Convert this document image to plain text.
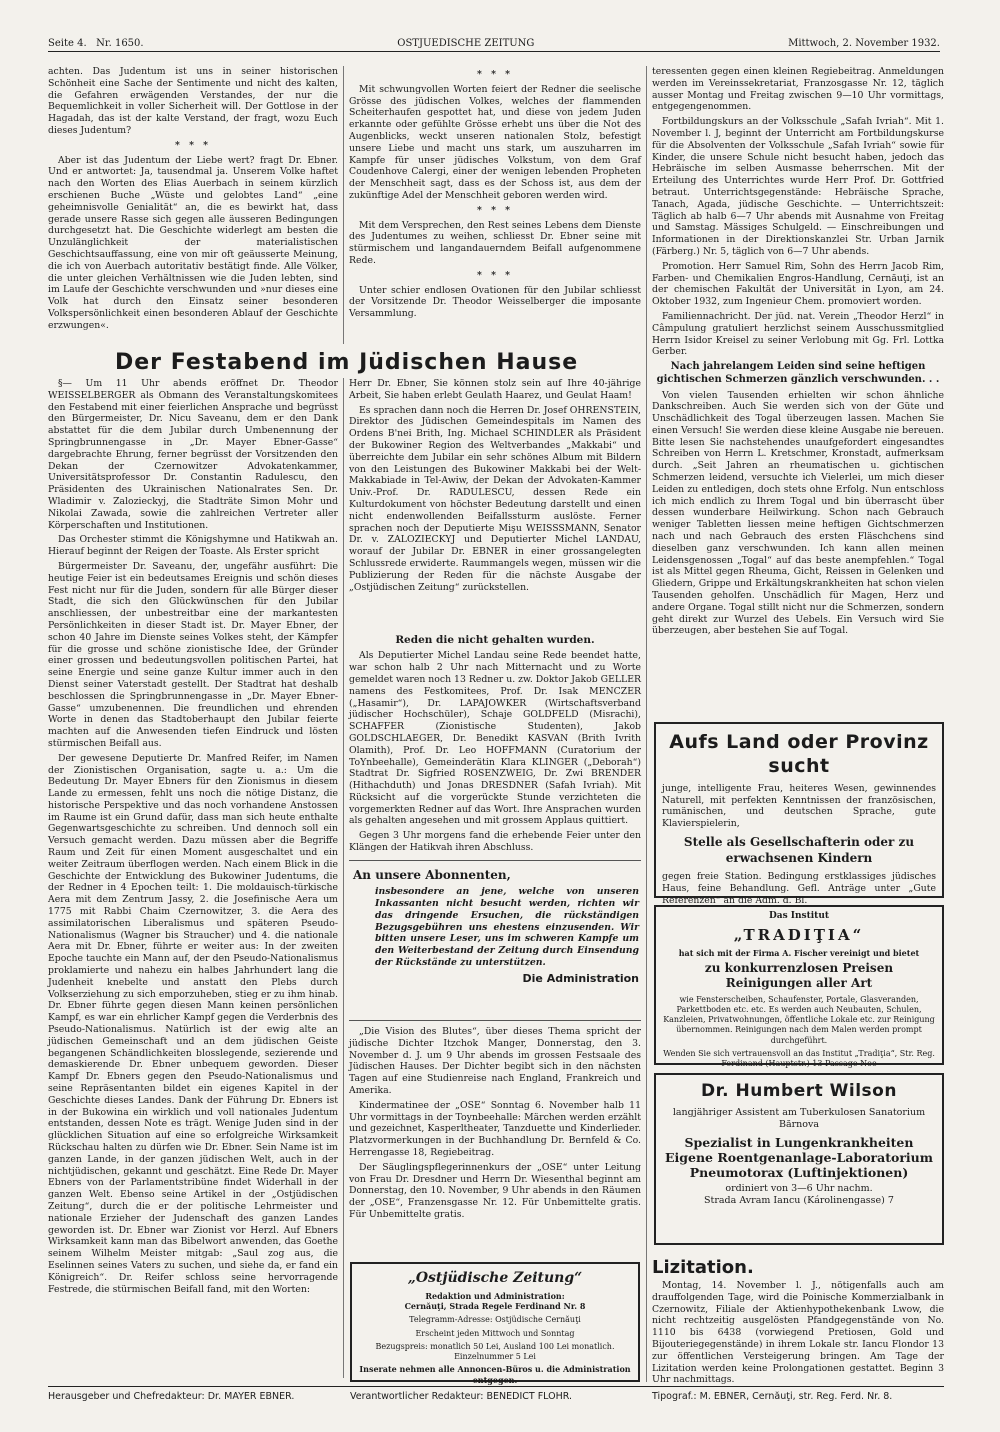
Seite 4. Nr. 1650.	OSTJUEDISCHE ZEITUNG	Mittwoch, 2. November 1932.

achten. Das Judentum ist uns in seiner historischen Schönheit eine Sache der Sentimente und nicht des kalten, die Gefahren erwägenden Verstandes, der nur die Bequemlichkeit in voller Sicherheit will. Der Gottlose in der Hagadah, das ist der kalte Verstand, der fragt, wozu Euch dieses Judentum?

* * *

Aber ist das Judentum der Liebe wert? fragt Dr. Ebner. Und er antwortet: Ja, tausendmal ja. Unserem Volke haftet nach den Worten des Elias Auerbach in seinem kürzlich erschienen Buche „Wüste und gelobtes Land“ „eine geheimnisvolle Genialität“ an, die es bewirkt hat, dass gerade unsere Rasse sich gegen alle äusseren Bedingungen durchgesetzt hat. Die Geschichte widerlegt am besten die Unzulänglichkeit der materialistischen Geschichtsauffassung, eine von mir oft geäusserte Meinung, die ich von Auerbach autoritativ bestätigt finde. Alle Völker, die unter gleichen Verhältnissen wie die Juden lebten, sind im Laufe der Geschichte verschwunden und »nur dieses eine Volk hat durch den Einsatz seiner besonderen Volkspersönlichkeit einen besonderen Ablauf der Geschichte erzwungen«.

* * *

Mit schwungvollen Worten feiert der Redner die seelische Grösse des jüdischen Volkes, welches der flammenden Scheiterhaufen gespottet hat, und diese von jedem Juden erkannte oder gefühlte Grösse erhebt uns über die Not des Augenblicks, weckt unseren nationalen Stolz, befestigt unsere Liebe und macht uns stark, um auszuharren im Kampfe für unser jüdisches Volkstum, von dem Graf Coudenhove Calergi, einer der wenigen lebenden Propheten der Menschheit sagt, dass es der Schoss ist, aus dem der zukünftige Adel der Menschheit geboren werden wird.

* * *

Mit dem Versprechen, den Rest seines Lebens dem Dienste des Judentumes zu weihen, schliesst Dr. Ebner seine mit stürmischem und langandauerndem Beifall aufgenommene Rede.

* * *

Unter schier endlosen Ovationen für den Jubilar schliesst der Vorsitzende Dr. Theodor Weisselberger die imposante Versammlung.

Der Festabend im Jüdischen Hause

§— Um 11 Uhr abends eröffnet Dr. Theodor WEISSELBERGER als Obmann des Veranstaltungskomitees den Festabend mit einer feierlichen Ansprache und begrüsst den Bürgermeister, Dr. Nicu Saveanu, dem er den Dank abstattet für die dem Jubilar durch Umbenennung der Springbrunnengasse in „Dr. Mayer Ebner-Gasse“ dargebrachte Ehrung, ferner begrüsst der Vorsitzenden den Dekan der Czernowitzer Advokatenkammer, Universitätsprofessor Dr. Constantin Radulescu, den Präsidenten des Ukrainischen Nationalrates Sen. Dr. Wladimir v. Zalozieckyj, die Stadträte Simon Mohr und Nikolai Zawada, sowie die zahlreichen Vertreter aller Körperschaften und Institutionen.

Das Orchester stimmt die Königshymne und Hatikwah an. Hierauf beginnt der Reigen der Toaste. Als Erster spricht

Bürgermeister Dr. Saveanu, der, ungefähr ausführt: Die heutige Feier ist ein bedeutsames Ereignis und schön dieses Fest nicht nur für die Juden, sondern für alle Bürger dieser Stadt, die sich den Glückwünschen für den Jubilar anschliessen, der unbestreitbar eine der markantesten Persönlichkeiten in dieser Stadt ist. Dr. Mayer Ebner, der schon 40 Jahre im Dienste seines Volkes steht, der Kämpfer für die grosse und schöne zionistische Idee, der Gründer einer grossen und bedeutungsvollen politischen Partei, hat seine Energie und seine ganze Kultur immer auch in den Dienst seiner Vaterstadt gestellt. Der Stadtrat hat deshalb beschlossen die Springbrunnengasse in „Dr. Mayer Ebner-Gasse“ umzubenennen. Die freundlichen und ehrenden Worte in denen das Stadtoberhaupt den Jubilar feierte machten auf die Anwesenden tiefen Eindruck und lösten stürmischen Beifall aus.

Der gewesene Deputierte Dr. Manfred Reifer, im Namen der Zionistischen Organisation, sagte u. a.: Um die Bedeutung Dr. Mayer Ebners für den Zionismus in diesem Lande zu ermessen, fehlt uns noch die nötige Distanz, die historische Perspektive und das noch vorhandene Anstossen im Raume ist ein Grund dafür, dass man sich heute enthalte Gegenwartsgeschichte zu schreiben. Und dennoch soll ein Versuch gemacht werden. Dazu müssen aber die Begriffe Raum und Zeit für einen Moment ausgeschaltet und ein weiter Zeitraum überflogen werden. Nach einem Blick in die Geschichte der Entwicklung des Bukowiner Judentums, die der Redner in 4 Epochen teilt: 1. Die moldauisch-türkische Aera mit dem Zentrum Jassy, 2. die Josefinische Aera um 1775 mit Rabbi Chaim Czernowitzer, 3. die Aera des assimilatorischen Liberalismus und späteren Pseudo-Nationalismus (Wagner bis Straucher) und 4. die nationale Aera mit Dr. Ebner, führte er weiter aus: In der zweiten Epoche tauchte ein Mann auf, der den Pseudo-Nationalismus proklamierte und nahezu ein halbes Jahrhundert lang die Judenheit knebelte und anstatt den Plebs durch Volkserziehung zu sich emporzuheben, stieg er zu ihm hinab. Dr. Ebner führte gegen diesen Mann keinen persönlichen Kampf, es war ein ehrlicher Kampf gegen die Verderbnis des Pseudo-Nationalismus. Natürlich ist der ewig alte an jüdischen Gemeinschaft und an dem jüdischen Geiste begangenen Schändlichkeiten blosslegende, sezierende und demaskierende Dr. Ebner unbequem geworden. Dieser Kampf Dr. Ebners gegen den Pseudo-Nationalismus und seine Repräsentanten bildet ein eigenes Kapitel in der Geschichte dieses Landes. Dank der Führung Dr. Ebners ist in der Bukowina ein wirklich und voll nationales Judentum entstanden, dessen Note es trägt. Wenige Juden sind in der glücklichen Situation auf eine so erfolgreiche Wirksamkeit Rückschau halten zu dürfen wie Dr. Ebner. Sein Name ist im ganzen Lande, in der ganzen jüdischen Welt, auch in der nichtjüdischen, gekannt und geschätzt. Eine Rede Dr. Mayer Ebners von der Parlamentstribüne findet Widerhall in der ganzen Welt. Ebenso seine Artikel in der „Ostjüdischen Zeitung“, durch die er der politische Lehrmeister und nationale Erzieher der Judenschaft des ganzen Landes geworden ist. Dr. Ebner war Zionist vor Herzl. Auf Ebners Wirksamkeit kann man das Bibelwort anwenden, das Goethe seinem Wilhelm Meister mitgab: „Saul zog aus, die Eselinnen seines Vaters zu suchen, und siehe da, er fand ein Königreich“. Dr. Reifer schloss seine hervorragende Festrede, die stürmischen Beifall fand, mit den Worten:

Herr Dr. Ebner, Sie können stolz sein auf Ihre 40-jährige Arbeit, Sie haben erlebt Geulath Haarez, und Geulat Haam!

Es sprachen dann noch die Herren Dr. Josef OHRENSTEIN, Direktor des Jüdischen Gemeindespitals im Namen des Ordens B'nei Brith, Ing. Michael SCHINDLER als Präsident der Bukowiner Region des Weltverbandes „Makkabi“ und überreichte dem Jubilar ein sehr schönes Album mit Bildern von den Leistungen des Bukowiner Makkabi bei der Welt-Makkabiade in Tel-Awiw, der Dekan der Advokaten-Kammer Univ.-Prof. Dr. RADULESCU, dessen Rede ein Kulturdokument von höchster Bedeutung darstellt und einen nicht endenwollenden Beifallssturm auslöste. Ferner sprachen noch der Deputierte Mişu WEISSSMANN, Senator Dr. v. ZALOZIECKYJ und Deputierter Michel LANDAU, worauf der Jubilar Dr. EBNER in einer grossangelegten Schlussrede erwiderte. Raummangels wegen, müssen wir die Publizierung der Reden für die nächste Ausgabe der „Ostjüdischen Zeitung“ zurückstellen.

Reden die nicht gehalten wurden.

Als Deputierter Michel Landau seine Rede beendet hatte, war schon halb 2 Uhr nach Mitternacht und zu Worte gemeldet waren noch 13 Redner u. zw. Doktor Jakob GELLER namens des Festkomitees, Prof. Dr. Isak MENCZER („Hasamir“), Dr. LAPAJOWKER (Wirtschaftsverband jüdischer Hochschüler), Schaje GOLDFELD (Misrachi), SCHAFFER (Zionistische Studenten), Jakob GOLDSCHLAEGER, Dr. Benedikt KASVAN (Brith Ivrith Olamith), Prof. Dr. Leo HOFFMANN (Curatorium der ToYnbeehalle), Gemeinderätin Klara KLINGER („Deborah“) Stadtrat Dr. Sigfried ROSENZWEIG, Dr. Zwi BRENDER (Hithachduth) und Jonas DRESDNER (Safah Ivriah). Mit Rücksicht auf die vorgerückte Stunde verzichteten die vorgemerkten Redner auf das Wort. Ihre Ansprachen wurden als gehalten angesehen und mit grossem Applaus quittiert.

Gegen 3 Uhr morgens fand die erhebende Feier unter den Klängen der Hatikvah ihren Abschluss.

An unsere Abonnenten,

insbesondere an jene, welche von unseren Inkassanten nicht besucht werden, richten wir das dringende Ersuchen, die rückständigen Bezugsgebühren uns ehestens einzusenden. Wir bitten unsere Leser, uns im schweren Kampfe um den Weiterbestand der Zeitung durch Einsendung der Rückstände zu unterstützen.

Die Administration

„Die Vision des Blutes“, über dieses Thema spricht der jüdische Dichter Itzchok Manger, Donnerstag, den 3. November d. J. um 9 Uhr abends im grossen Festsaale des Jüdischen Hauses. Der Dichter begibt sich in den nächsten Tagen auf eine Studienreise nach England, Frankreich und Amerika.

Kindermatinee der „OSE“ Sonntag 6. November halb 11 Uhr vormittags in der Toynbeehalle: Märchen werden erzählt und gezeichnet, Kasperltheater, Tanzduette und Kinderlieder. Platzvormerkungen in der Buchhandlung Dr. Bernfeld & Co. Herrengasse 18, Regiebeitrag.

Der Säuglingspflegerinnenkurs der „OSE“ unter Leitung von Frau Dr. Dresdner und Herrn Dr. Wiesenthal beginnt am Donnerstag, den 10. November, 9 Uhr abends in den Räumen der „OSE“, Franzensgasse Nr. 12. Für Unbemittelte gratis. Für Unbemittelte gratis.

„Ostjüdische Zeitung“
Redaktion und Administration:
Cernăuţi, Strada Regele Ferdinand Nr. 8
Telegramm-Adresse: Ostjüdische Cernăuţi
Erscheint jeden Mittwoch und Sonntag
Bezugspreis: monatlich 50 Lei, Ausland 100 Lei monatlich. Einzelnummer 5 Lei
Inserate nehmen alle Annoncen-Büros u. die Administration entgegen.

teressenten gegen einen kleinen Regiebeitrag. Anmeldungen werden im Vereinssekretariat, Franzosgasse Nr. 12, täglich ausser Montag und Freitag zwischen 9—10 Uhr vormittags, entgegengenommen.

Fortbildungskurs an der Volksschule „Safah Ivriah“. Mit 1. November l. J, beginnt der Unterricht am Fortbildungskurse für die Absolventen der Volksschule „Safah Ivriah“ sowie für Kinder, die unsere Schule nicht besucht haben, jedoch das Hebräische im selben Ausmasse beherrschen. Mit der Erteilung des Unterrichtes wurde Herr Prof. Dr. Gottfried betraut. Unterrichtsgegenstände: Hebräische Sprache, Tanach, Agada, jüdische Geschichte. — Unterrichtszeit: Täglich ab halb 6—7 Uhr abends mit Ausnahme von Freitag und Samstag. Mässiges Schulgeld. — Einschreibungen und Informationen in der Direktionskanzlei Str. Urban Jarnik (Färberg.) Nr. 5, täglich von 6—7 Uhr abends.

Promotion. Herr Samuel Rim, Sohn des Herrn Jacob Rim, Farben- und Chemikalien Engros-Handlung, Cernăuţi, ist an der chemischen Fakultät der Universität in Lyon, am 24. Oktober 1932, zum Ingenieur Chem. promoviert worden.

Familiennachricht. Der jüd. nat. Verein „Theodor Herzl“ in Câmpulung gratuliert herzlichst seinem Ausschussmitglied Herrn Isidor Kreisel zu seiner Verlobung mit Gg. Frl. Lottka Gerber.

Nach jahrelangem Leiden sind seine heftigen gichtischen Schmerzen gänzlich verschwunden. . .

Von vielen Tausenden erhielten wir schon ähnliche Dankschreiben. Auch Sie werden sich von der Güte und Unschädlichkeit des Togal überzeugen lassen. Machen Sie einen Versuch! Sie werden diese kleine Ausgabe nie bereuen. Bitte lesen Sie nachstehendes unaufgefordert eingesandtes Schreiben von Herrn L. Kretschmer, Kronstadt, aufmerksam durch. „Seit Jahren an rheumatischen u. gichtischen Schmerzen leidend, versuchte ich Vielerlei, um mich dieser Leiden zu entledigen, doch stets ohne Erfolg. Nun entschloss ich mich endlich zu Ihrem Togal und bin überrascht über dessen wunderbare Heilwirkung. Schon nach Gebrauch weniger Tabletten liessen meine heftigen Gichtschmerzen nach und nach Gebrauch des ersten Fläschchens sind dieselben ganz verschwunden. Ich kann allen meinen Leidensgenossen „Togal“ auf das beste anempfehlen.“ Togal ist als Mittel gegen Rheuma, Gicht, Reissen in Gelenken und Gliedern, Grippe und Erkältungskrankheiten hat schon vielen Tausenden geholfen. Unschädlich für Magen, Herz und andere Organe. Togal stillt nicht nur die Schmerzen, sondern geht direkt zur Wurzel des Uebels. Ein Versuch wird Sie überzeugen, aber bestehen Sie auf Togal.

Aufs Land oder Provinz sucht
junge, intelligente Frau, heiteres Wesen, gewinnendes Naturell, mit perfekten Kenntnissen der französischen, rumänischen, und deutschen Sprache, gute Klavierspielerin,
Stelle als Gesellschafterin oder zu erwachsenen Kindern
gegen freie Station. Bedingung erstklassiges jüdisches Haus, feine Behandlung. Gefl. Anträge unter „Gute Referenzen“ an die Adm. d. Bl.
Das Institut
„TRADIŢIA“
hat sich mit der Firma A. Fischer vereinigt und bietet
zu konkurrenzlosen Preisen Reinigungen aller Art
wie Fensterscheiben, Schaufenster, Portale, Glasveranden, Parkettboden etc. etc. Es werden auch Neubauten, Schulen, Kanzleien, Privatwohnungen, öffentliche Lokale etc. zur Reinigung übernommen. Reinigungen nach dem Malen werden prompt durchgeführt.
Wenden Sie sich vertrauensvoll an das Institut „Tradiţia“, Str. Reg. Ferdinand (Hauptstr.) 13 Passage Noe
Dr. Humbert Wilson
langjähriger Assistent am Tuberkulosen Sanatorium Bărnova
Spezialist in Lungenkrankheiten
Eigene Roentgenanlage-Laboratorium
Pneumotorax (Luftinjektionen)
ordiniert von 3—6 Uhr nachm.
Strada Avram Iancu (Károlinengasse) 7
Lizitation.

Montag, 14. November l. J., nötigenfalls auch am drauffolgenden Tage, wird die Poinische Kommerzialbank in Czernowitz, Filiale der Aktienhypothekenbank Lwow, die nicht rechtzeitig ausgelösten Pfandgegenstände von No. 1110 bis 6438 (vorwiegend Pretiosen, Gold und Bijouteriegegenstände) in ihrem Lokale str. Iancu Flondor 13 zur öffentlichen Versteigerung bringen. Am Tage der Lizitation werden keine Prolongationen gestattet. Beginn 3 Uhr nachmittags.

Herausgeber und Chefredakteur: Dr. MAYER EBNER.	Verantwortlicher Redakteur: BENEDICT FLOHR.	Tipograf.: M. EBNER, Cernăuţi, str. Reg. Ferd. Nr. 8.
